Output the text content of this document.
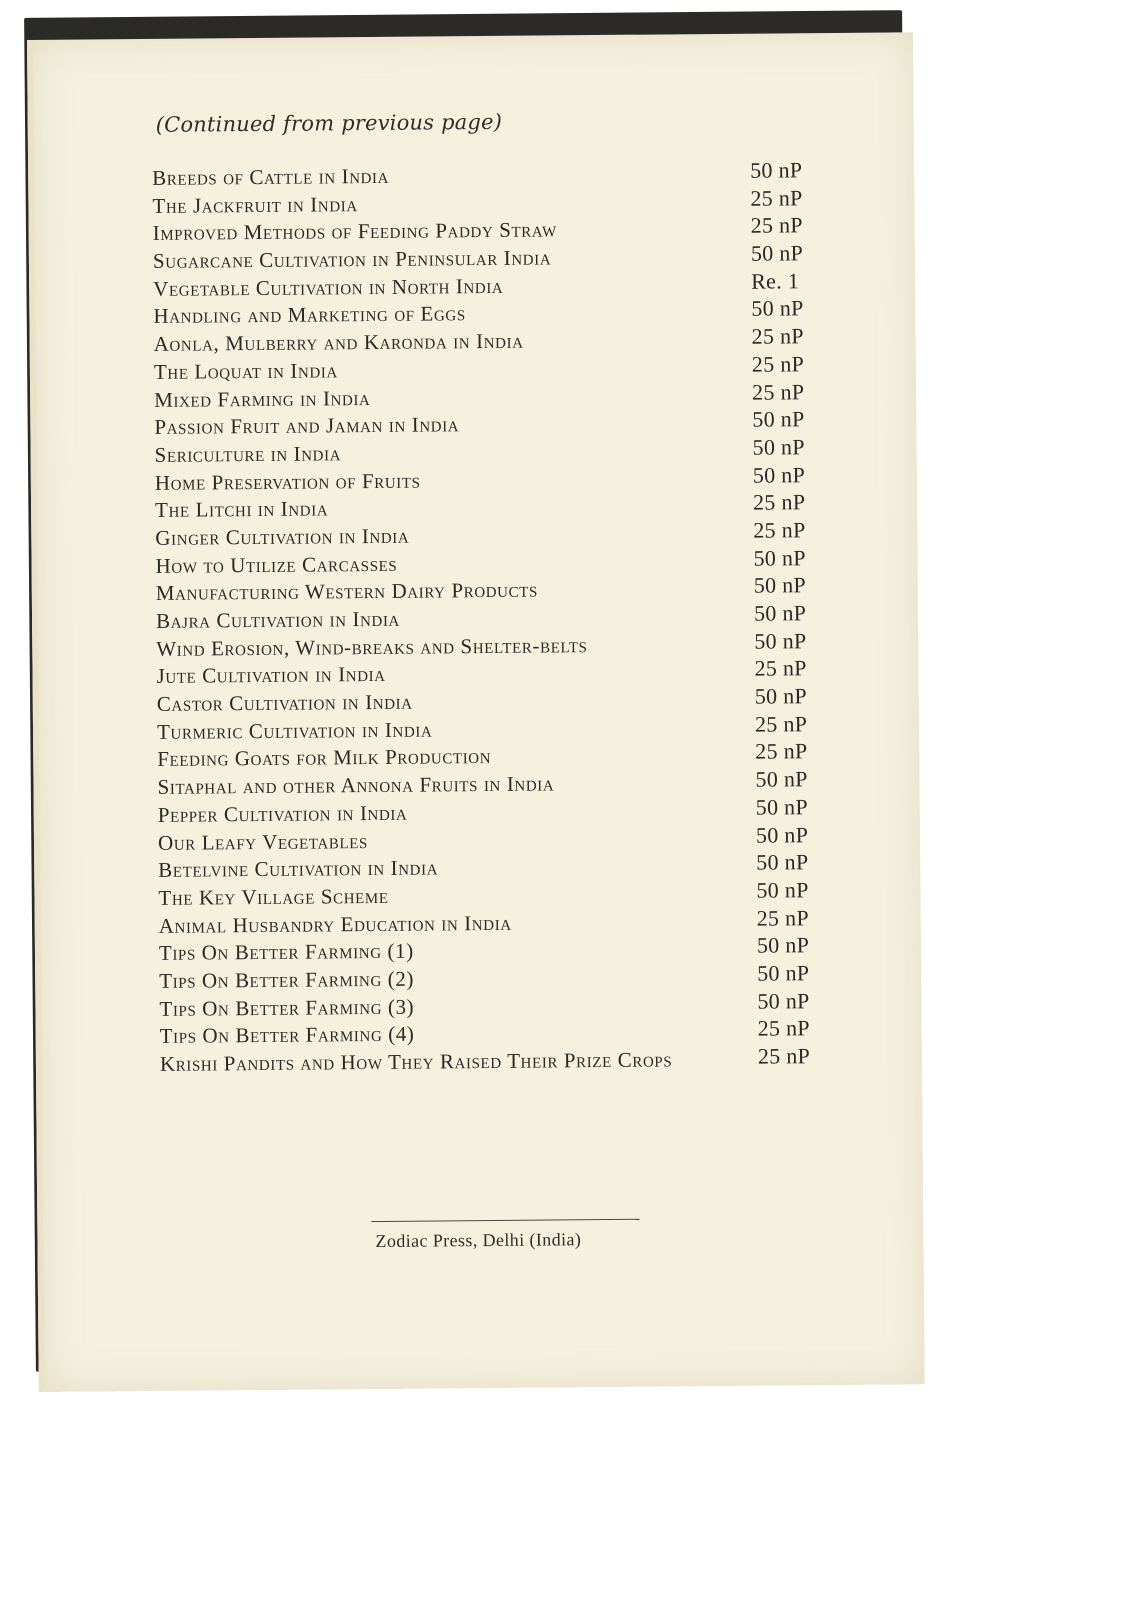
(Continued from previous page)
Breeds of Cattle in India	50 nP
The Jackfruit in India	25 nP
Improved Methods of Feeding Paddy Straw	25 nP
Sugarcane Cultivation in Peninsular India	50 nP
Vegetable Cultivation in North India	Re. 1
Handling and Marketing of Eggs	50 nP
Aonla, Mulberry and Karonda in India	25 nP
The Loquat in India	25 nP
Mixed Farming in India	25 nP
Passion Fruit and Jaman in India	50 nP
Sericulture in India	50 nP
Home Preservation of Fruits	50 nP
The Litchi in India	25 nP
Ginger Cultivation in India	25 nP
How to Utilize Carcasses	50 nP
Manufacturing Western Dairy Products	50 nP
Bajra Cultivation in India	50 nP
Wind Erosion, Wind-breaks and Shelter-belts	50 nP
Jute Cultivation in India	25 nP
Castor Cultivation in India	50 nP
Turmeric Cultivation in India	25 nP
Feeding Goats for Milk Production	25 nP
Sitaphal and other Annona Fruits in India	50 nP
Pepper Cultivation in India	50 nP
Our Leafy Vegetables	50 nP
Betelvine Cultivation in India	50 nP
The Key Village Scheme	50 nP
Animal Husbandry Education in India	25 nP
Tips On Better Farming (1)	50 nP
Tips On Better Farming (2)	50 nP
Tips On Better Farming (3)	50 nP
Tips On Better Farming (4)	25 nP
Krishi Pandits and How They Raised Their Prize Crops	25 nP
Zodiac Press, Delhi (India)
